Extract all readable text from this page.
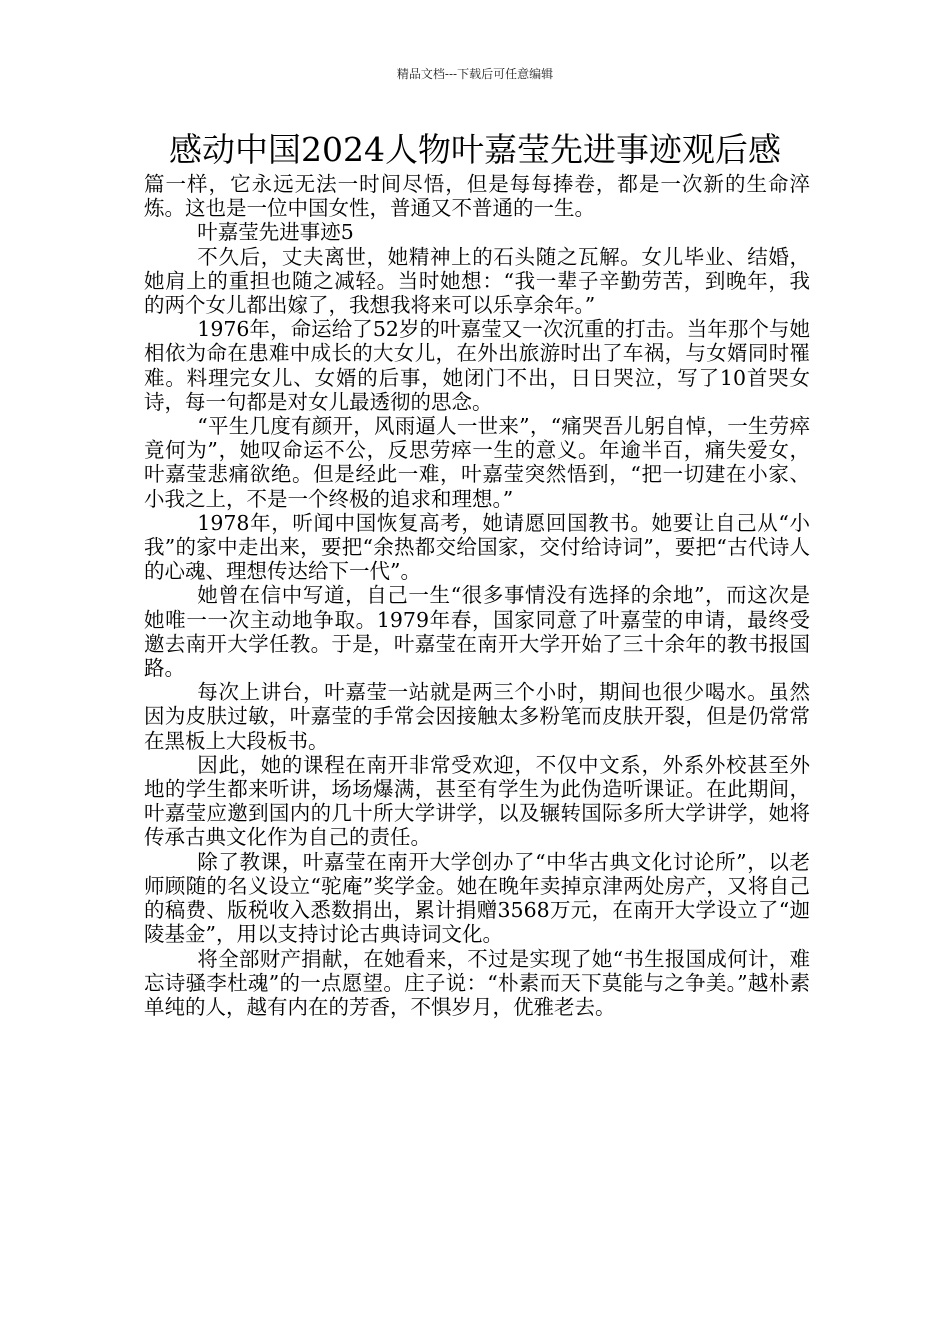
精品文档---下载后可任意编辑
感动中国2024人物叶嘉莹先进事迹观后感

篇一样，它永远无法一时间尽悟，但是每每捧卷，都是一次新的生命淬炼。这也是一位中国女性，普通又不普通的一生。

叶嘉莹先进事迹5

不久后，丈夫离世，她精神上的石头随之瓦解。女儿毕业、结婚，她肩上的重担也随之减轻。当时她想：“我一辈子辛勤劳苦，到晚年，我的两个女儿都出嫁了，我想我将来可以乐享余年。”

1976年，命运给了52岁的叶嘉莹又一次沉重的打击。当年那个与她相依为命在患难中成长的大女儿，在外出旅游时出了车祸，与女婿同时罹难。料理完女儿、女婿的后事，她闭门不出，日日哭泣，写了10首哭女诗，每一句都是对女儿最透彻的思念。

“平生几度有颜开，风雨逼人一世来”，“痛哭吾儿躬自悼，一生劳瘁竟何为”，她叹命运不公，反思劳瘁一生的意义。年逾半百，痛失爱女，叶嘉莹悲痛欲绝。但是经此一难，叶嘉莹突然悟到，“把一切建在小家、小我之上，不是一个终极的追求和理想。”

1978年，听闻中国恢复高考，她请愿回国教书。她要让自己从“小我”的家中走出来，要把“余热都交给国家，交付给诗词”，要把“古代诗人的心魂、理想传达给下一代”。

她曾在信中写道，自己一生“很多事情没有选择的余地”，而这次是她唯一一次主动地争取。1979年春，国家同意了叶嘉莹的申请，最终受邀去南开大学任教。于是，叶嘉莹在南开大学开始了三十余年的教书报国路。

每次上讲台，叶嘉莹一站就是两三个小时，期间也很少喝水。虽然因为皮肤过敏，叶嘉莹的手常会因接触太多粉笔而皮肤开裂，但是仍常常在黑板上大段板书。

因此，她的课程在南开非常受欢迎，不仅中文系，外系外校甚至外地的学生都来听讲，场场爆满，甚至有学生为此伪造听课证。在此期间，叶嘉莹应邀到国内的几十所大学讲学，以及辗转国际多所大学讲学，她将传承古典文化作为自己的责任。

除了教课，叶嘉莹在南开大学创办了“中华古典文化讨论所”，以老师顾随的名义设立“驼庵”奖学金。她在晚年卖掉京津两处房产，又将自己的稿费、版税收入悉数捐出，累计捐赠3568万元，在南开大学设立了“迦陵基金”，用以支持讨论古典诗词文化。

将全部财产捐献，在她看来，不过是实现了她“书生报国成何计，难忘诗骚李杜魂”的一点愿望。庄子说：“朴素而天下莫能与之争美。”越朴素单纯的人，越有内在的芳香，不惧岁月，优雅老去。
